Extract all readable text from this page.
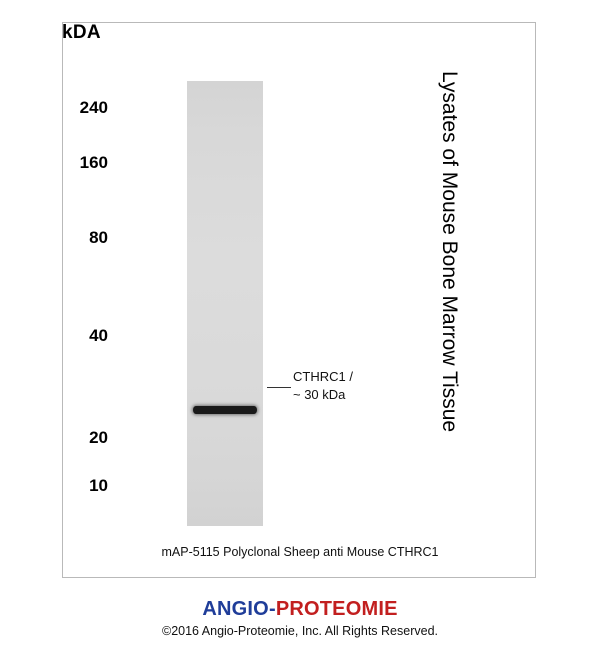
mAP-5115 Polyclonal Sheep anti Mouse CTHRC1
CTHRC1 /
~ 30 kDa	Lysates of Mouse Bone Marrow Tissue
kDA
240
160
80
40
20
10
ANGIO-PROTEOMIE
©2016 Angio-Proteomie, Inc. All Rights Reserved.
